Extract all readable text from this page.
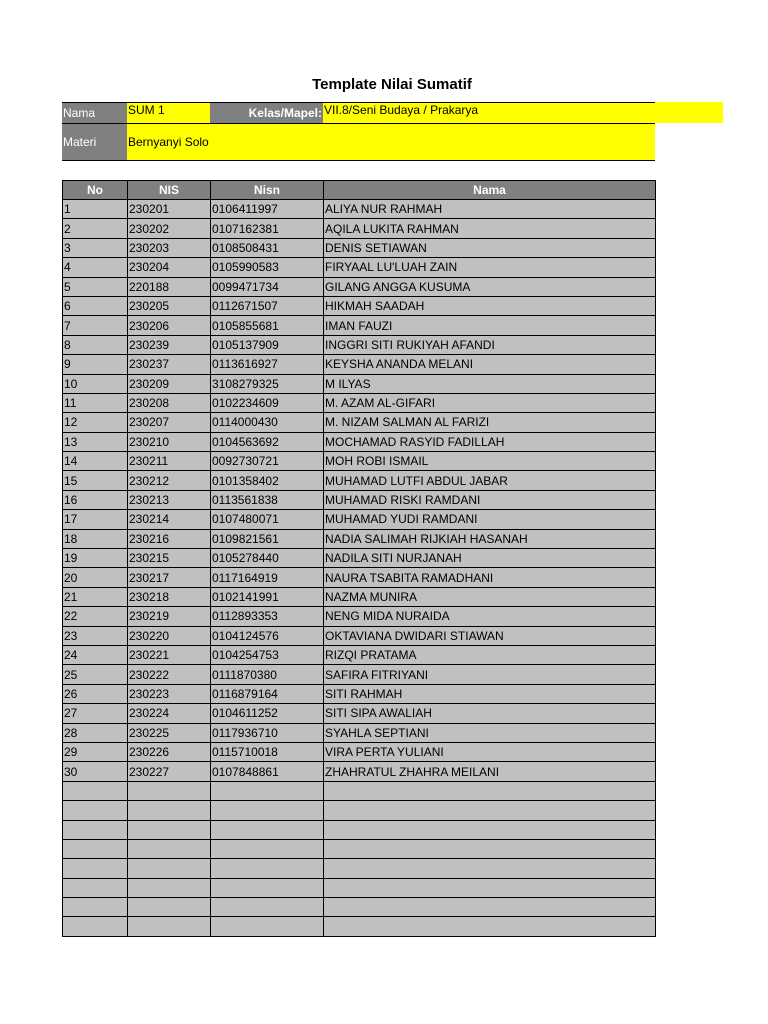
Template Nilai Sumatif
Nama	SUM 1	Kelas/Mapel:	VII.8/Seni Budaya / Prakarya
Materi	Bernyanyi Solo		
No	NIS	Nisn	Nama
1	230201	0106411997	ALIYA NUR RAHMAH
2	230202	0107162381	AQILA LUKITA RAHMAN
3	230203	0108508431	DENIS SETIAWAN
4	230204	0105990583	FIRYAAL LU'LUAH ZAIN
5	220188	0099471734	GILANG ANGGA KUSUMA
6	230205	0112671507	HIKMAH SAADAH
7	230206	0105855681	IMAN FAUZI
8	230239	0105137909	INGGRI SITI RUKIYAH AFANDI
9	230237	0113616927	KEYSHA ANANDA MELANI
10	230209	3108279325	M ILYAS
11	230208	0102234609	M. AZAM AL-GIFARI
12	230207	0114000430	M. NIZAM SALMAN AL FARIZI
13	230210	0104563692	MOCHAMAD RASYID FADILLAH
14	230211	0092730721	MOH ROBI ISMAIL
15	230212	0101358402	MUHAMAD LUTFI ABDUL JABAR
16	230213	0113561838	MUHAMAD RISKI RAMDANI
17	230214	0107480071	MUHAMAD YUDI RAMDANI
18	230216	0109821561	NADIA SALIMAH RIJKIAH HASANAH
19	230215	0105278440	NADILA SITI NURJANAH
20	230217	0117164919	NAURA TSABITA RAMADHANI
21	230218	0102141991	NAZMA MUNIRA
22	230219	0112893353	NENG MIDA NURAIDA
23	230220	0104124576	OKTAVIANA DWIDARI STIAWAN
24	230221	0104254753	RIZQI PRATAMA
25	230222	0111870380	SAFIRA FITRIYANI
26	230223	0116879164	SITI RAHMAH
27	230224	0104611252	SITI SIPA AWALIAH
28	230225	0117936710	SYAHLA SEPTIANI
29	230226	0115710018	VIRA PERTA YULIANI
30	230227	0107848861	ZHAHRATUL ZHAHRA MEILANI
